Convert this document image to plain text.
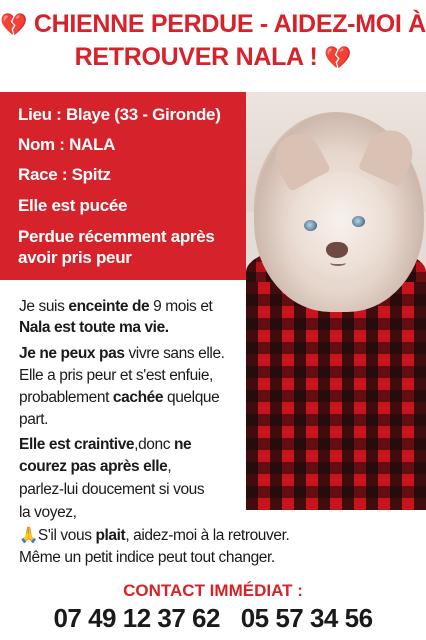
💔 CHIENNE PERDUE - AIDEZ-MOI À
RETROUVER NALA ! 💔
Lieu : Blaye (33 - Gironde)
Nom : NALA
Race : Spitz
Elle est pucée
Perdue récemment après
avoir pris peur
Je suis enceinte de 9 mois et
Nala est toute ma vie.
Je ne peux pas vivre sans elle.
Elle a pris peur et s'est enfuie,
probablement cachée quelque
part.
Elle est craintive,donc ne
courez pas après elle,
parlez-lui doucement si vous
la voyez,
🙏S'il vous plait, aidez-moi à la retrouver.
Même un petit indice peut tout changer.
CONTACT IMMÉDIAT :
07 49 12 37 62 05 57 34 56
